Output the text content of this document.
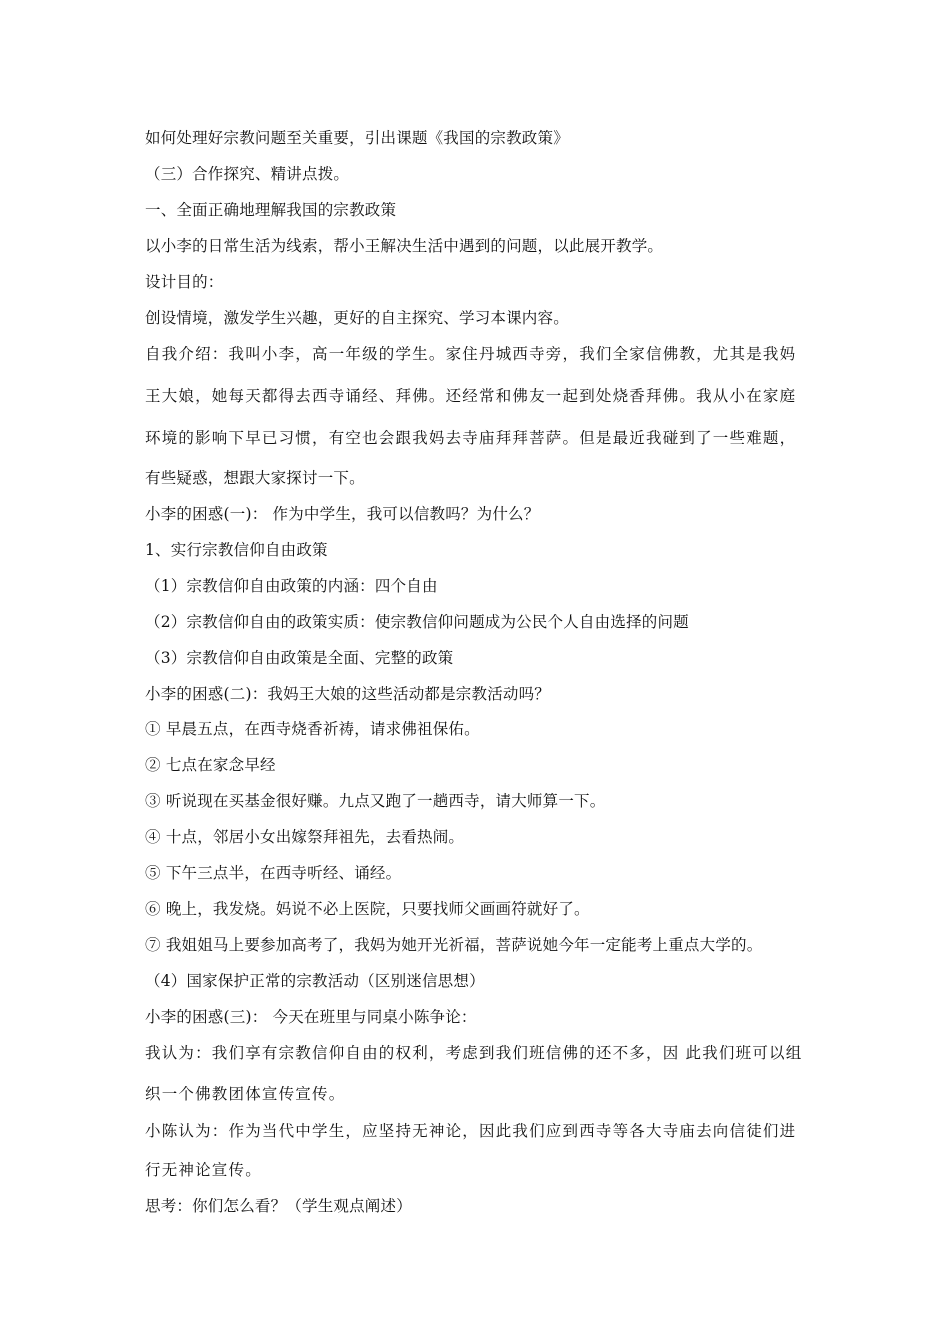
如何处理好宗教问题至关重要，引出课题《我国的宗教政策》
（三）合作探究、精讲点拨。
一、全面正确地理解我国的宗教政策
以小李的日常生活为线索，帮小王解决生活中遇到的问题，以此展开教学。
设计目的：
创设情境，激发学生兴趣，更好的自主探究、学习本课内容。
自我介绍：我叫小李，高一年级的学生。家住丹城西寺旁，我们全家信佛教，尤其是我妈
王大娘，她每天都得去西寺诵经、拜佛。还经常和佛友一起到处烧香拜佛。我从小在家庭
环境的影响下早已习惯，有空也会跟我妈去寺庙拜拜菩萨。但是最近我碰到了一些难题，
有些疑惑，想跟大家探讨一下。
小李的困惑(一)： 作为中学生，我可以信教吗？为什么？
1、实行宗教信仰自由政策
（1）宗教信仰自由政策的内涵：四个自由
（2）宗教信仰自由的政策实质：使宗教信仰问题成为公民个人自由选择的问题
（3）宗教信仰自由政策是全面、完整的政策
小李的困惑(二)：我妈王大娘的这些活动都是宗教活动吗？
① 早晨五点，在西寺烧香祈祷，请求佛祖保佑。
② 七点在家念早经
③ 听说现在买基金很好赚。九点又跑了一趟西寺，请大师算一下。
④ 十点，邻居小女出嫁祭拜祖先，去看热闹。
⑤ 下午三点半，在西寺听经、诵经。
⑥ 晚上，我发烧。妈说不必上医院，只要找师父画画符就好了。
⑦ 我姐姐马上要参加高考了，我妈为她开光祈福，菩萨说她今年一定能考上重点大学的。
（4）国家保护正常的宗教活动（区别迷信思想）
小李的困惑(三)： 今天在班里与同桌小陈争论：
我认为：我们享有宗教信仰自由的权利，考虑到我们班信佛的还不多，因 此我们班可以组
织一个佛教团体宣传宣传。
小陈认为：作为当代中学生，应坚持无神论，因此我们应到西寺等各大寺庙去向信徒们进
行无神论宣传。
思考：你们怎么看？（学生观点阐述）
